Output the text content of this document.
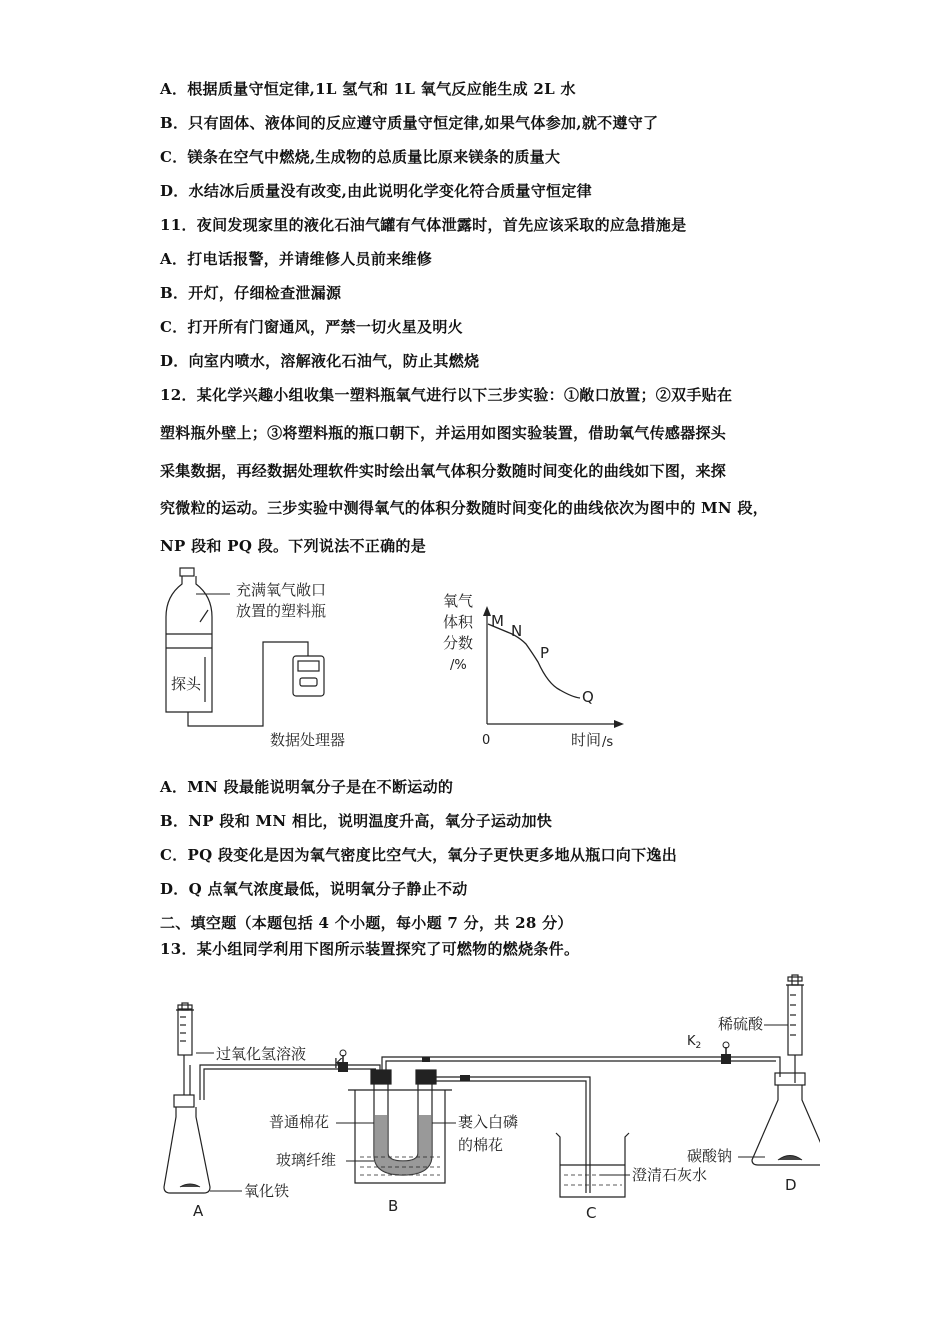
A．根据质量守恒定律,1L 氢气和 1L 氧气反应能生成 2L 水
B．只有固体、液体间的反应遵守质量守恒定律,如果气体参加,就不遵守了
C．镁条在空气中燃烧,生成物的总质量比原来镁条的质量大
D．水结冰后质量没有改变,由此说明化学变化符合质量守恒定律
11．夜间发现家里的液化石油气罐有气体泄露时，首先应该采取的应急措施是
A．打电话报警，并请维修人员前来维修
B．开灯，仔细检查泄漏源
C．打开所有门窗通风，严禁一切火星及明火
D．向室内喷水，溶解液化石油气，防止其燃烧
12．某化学兴趣小组收集一塑料瓶氧气进行以下三步实验：①敞口放置；②双手贴在
塑料瓶外壁上；③将塑料瓶的瓶口朝下，并运用如图实验装置，借助氧气传感器探头
采集数据，再经数据处理软件实时绘出氧气体积分数随时间变化的曲线如下图，来探
究微粒的运动。三步实验中测得氧气的体积分数随时间变化的曲线依次为图中的 MN 段，
NP 段和 PQ 段。下列说法不正确的是
探头
充满氧气敞口
放置的塑料瓶
数据处理器
氧气
体积
分数
/%
M
N
P
Q
0	时间 /s
A．MN 段最能说明氧分子是在不断运动的
B．NP 段和 MN 相比，说明温度升高，氧分子运动加快
C．PQ 段变化是因为氧气密度比空气大，氧分子更快更多地从瓶口向下逸出
D．Q 点氧气浓度最低，说明氧分子静止不动
二、填空题（本题包括 4 个小题，每小题 7 分，共 28 分）
13．某小组同学利用下图所示装置探究了可燃物的燃烧条件。
过氧化氢溶液
氧化铁
A
$K_1$
普通棉花
玻璃纤维
裹入白磷
的棉花
B
澄清石灰水
C
$K_2$
稀硫酸
碳酸钠
D
